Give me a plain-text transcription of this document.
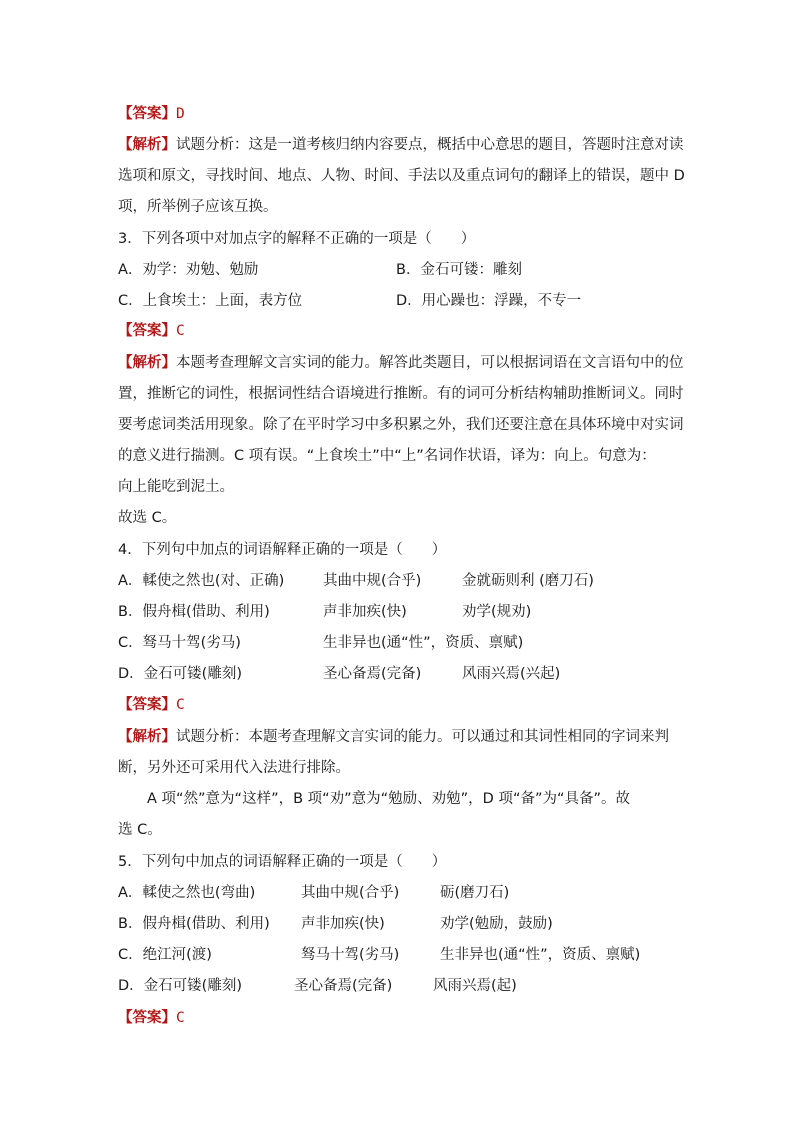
【答案】D
【解析】试题分析：这是一道考核归纳内容要点，概括中心意思的题目，答题时注意对读
选项和原文，寻找时间、地点、人物、时间、手法以及重点词句的翻译上的错误，题中 D
项，所举例子应该互换。
3．下列各项中对加点字的解释不正确的一项是（　　）
A．劝学：劝勉、勉励	B．金石可镂：雕刻
C．上食埃土：上面，表方位	D．用心躁也：浮躁，不专一
【答案】C
【解析】本题考查理解文言实词的能力。解答此类题目，可以根据词语在文言语句中的位
置，推断它的词性，根据词性结合语境进行推断。有的词可分析结构辅助推断词义。同时
要考虑词类活用现象。除了在平时学习中多积累之外，我们还要注意在具体环境中对实词
的意义进行揣测。C 项有误。“上食埃土”中“上”名词作状语，译为：向上。句意为：
向上能吃到泥土。
故选 C。
4．下列句中加点的词语解释正确的一项是（　　）
A．輮使之然也(对、正确)	其曲中规(合乎)	金就砺则利 (磨刀石)
B．假舟楫(借助、利用)	声非加疾(快)	劝学(规劝)
C．驽马十驾(劣马)	生非异也(通“性”，资质、禀赋)
D．金石可镂(雕刻)	圣心备焉(完备)	风雨兴焉(兴起)
【答案】C
【解析】试题分析：本题考查理解文言实词的能力。可以通过和其词性相同的字词来判
断，另外还可采用代入法进行排除。
A 项“然”意为“这样”，B 项“劝”意为“勉励、劝勉”，D 项“备”为“具备”。故
选 C。
5．下列句中加点的词语解释正确的一项是（　　）
A．輮使之然也(弯曲)	其曲中规(合乎)	砺(磨刀石)
B．假舟楫(借助、利用) 声非加疾(快)	劝学(勉励，鼓励)
C．绝江河(渡)	驽马十驾(劣马)	生非异也(通“性”，资质、禀赋)
D．金石可镂(雕刻)	圣心备焉(完备)	风雨兴焉(起)
【答案】C
